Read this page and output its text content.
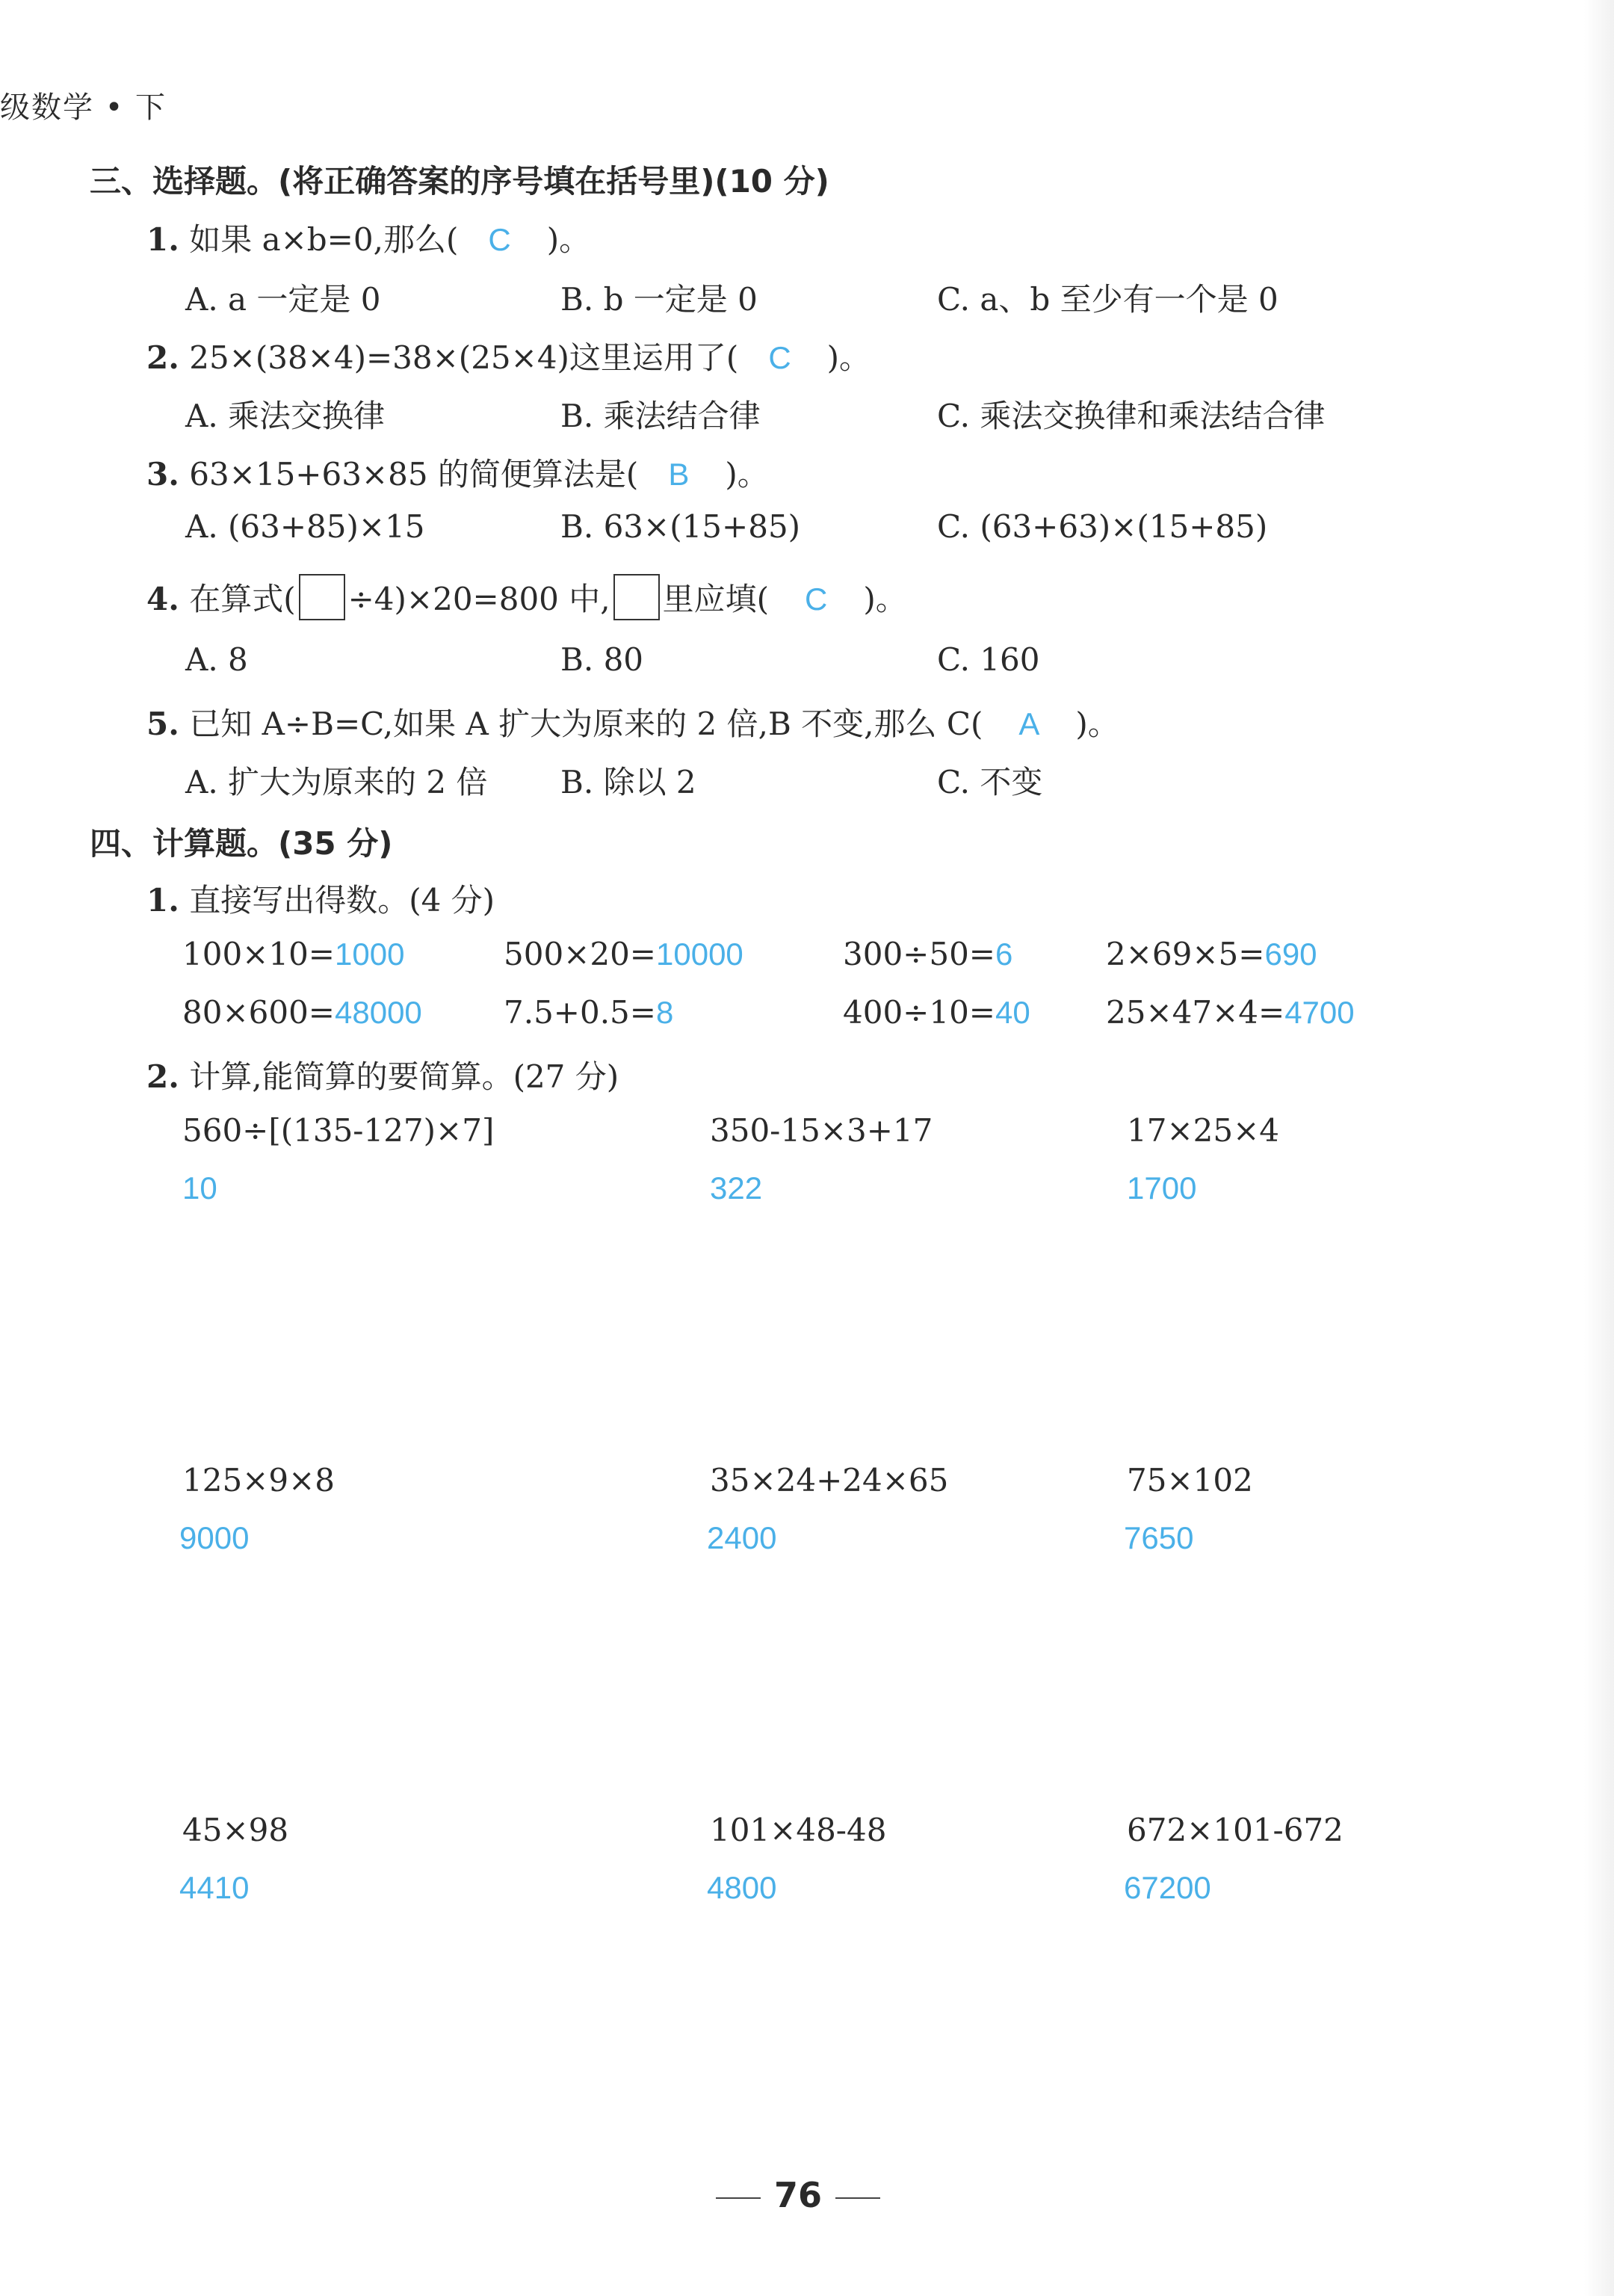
级数学 • 下
三、选择题。(将正确答案的序号填在括号里)(10 分)
1. 如果 a×b=0,那么( C )。
A. a 一定是 0	B. b 一定是 0	C. a、b 至少有一个是 0
2. 25×(38×4)=38×(25×4)这里运用了( C )。
A. 乘法交换律	B. 乘法结合律	C. 乘法交换律和乘法结合律
3. 63×15+63×85 的简便算法是( B )。
A. (63+85)×15	B. 63×(15+85)	C. (63+63)×(15+85)
4. 在算式( ÷4)×20=800 中, 里应填( C )。
A. 8	B. 80	C. 160
5. 已知 A÷B=C,如果 A 扩大为原来的 2 倍,B 不变,那么 C( A )。
A. 扩大为原来的 2 倍 B. 除以 2	C. 不变
四、计算题。(35 分)
1. 直接写出得数。(4 分)
100×10=1000	500×20=10000	300÷50=6	2×69×5=690
80×600=48000	7.5+0.5=8	400÷10=40 25×47×4=4700
2. 计算,能简算的要简算。(27 分)
560÷[(135-127)×7]
10
350-15×3+17
322
17×25×4
1700
125×9×8
9000
35×24+24×65
2400
75×102
7650
45×98
4410
101×48-48
4800
672×101-672
67200
76
